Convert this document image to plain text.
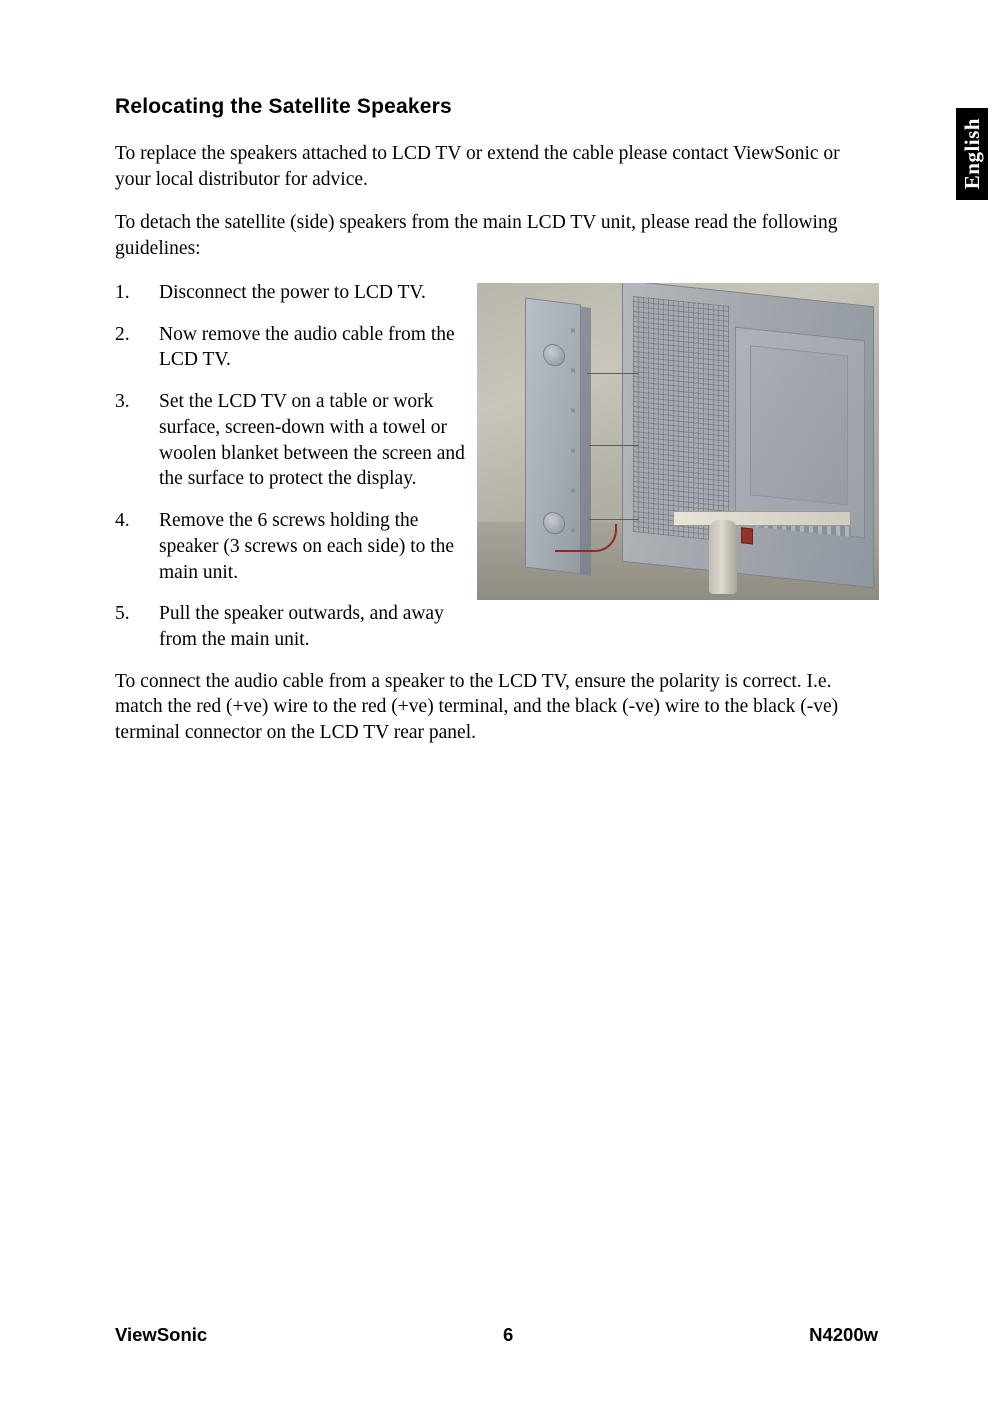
English
Relocating the Satellite Speakers

To replace the speakers attached to LCD TV or extend the cable please contact ViewSonic or your local distributor for advice.

To detach the satellite (side) speakers from the main LCD TV unit, please read the following guidelines:

1.	Disconnect the power to LCD TV.
2.	Now remove the audio cable from the LCD TV.
3.	Set the LCD TV on a table or work surface, screen-down with a towel or woolen blanket between the screen and the surface to protect the display.
4.	Remove the 6 screws holding the speaker (3 screws on each side) to the main unit.
5.	Pull the speaker outwards, and away from the main unit.

To connect the audio cable from a speaker to the LCD TV, ensure the polarity is correct. I.e. match the red (+ve) wire to the red (+ve) terminal, and the black (-ve) wire to the black (-ve) terminal connector on the LCD TV rear panel.

ViewSonic	6	N4200w
